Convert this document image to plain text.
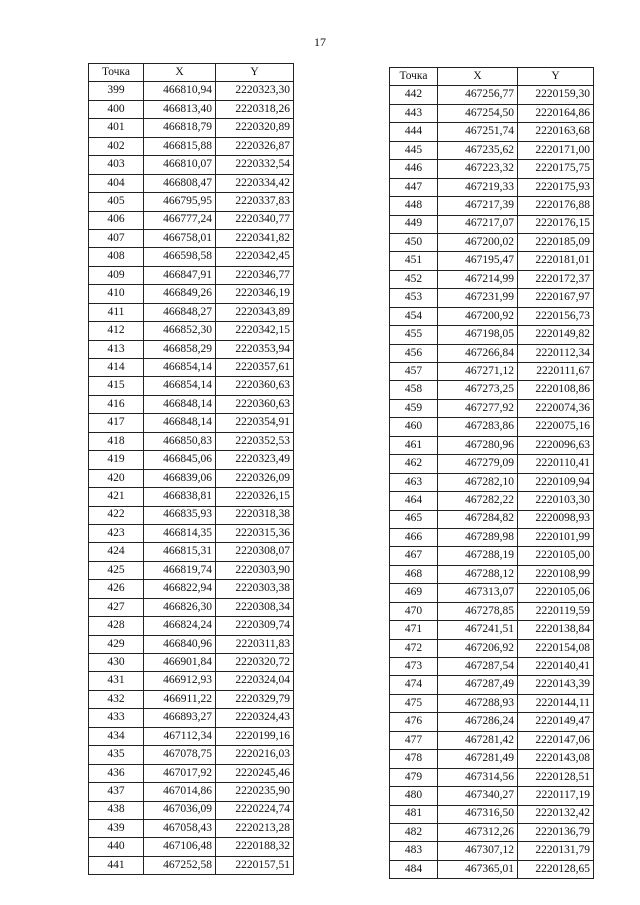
17
Точка	X	Y
399	466810,94	2220323,30
400	466813,40	2220318,26
401	466818,79	2220320,89
402	466815,88	2220326,87
403	466810,07	2220332,54
404	466808,47	2220334,42
405	466795,95	2220337,83
406	466777,24	2220340,77
407	466758,01	2220341,82
408	466598,58	2220342,45
409	466847,91	2220346,77
410	466849,26	2220346,19
411	466848,27	2220343,89
412	466852,30	2220342,15
413	466858,29	2220353,94
414	466854,14	2220357,61
415	466854,14	2220360,63
416	466848,14	2220360,63
417	466848,14	2220354,91
418	466850,83	2220352,53
419	466845,06	2220323,49
420	466839,06	2220326,09
421	466838,81	2220326,15
422	466835,93	2220318,38
423	466814,35	2220315,36
424	466815,31	2220308,07
425	466819,74	2220303,90
426	466822,94	2220303,38
427	466826,30	2220308,34
428	466824,24	2220309,74
429	466840,96	2220311,83
430	466901,84	2220320,72
431	466912,93	2220324,04
432	466911,22	2220329,79
433	466893,27	2220324,43
434	467112,34	2220199,16
435	467078,75	2220216,03
436	467017,92	2220245,46
437	467014,86	2220235,90
438	467036,09	2220224,74
439	467058,43	2220213,28
440	467106,48	2220188,32
441	467252,58	2220157,51
Точка	X	Y
442	467256,77	2220159,30
443	467254,50	2220164,86
444	467251,74	2220163,68
445	467235,62	2220171,00
446	467223,32	2220175,75
447	467219,33	2220175,93
448	467217,39	2220176,88
449	467217,07	2220176,15
450	467200,02	2220185,09
451	467195,47	2220181,01
452	467214,99	2220172,37
453	467231,99	2220167,97
454	467200,92	2220156,73
455	467198,05	2220149,82
456	467266,84	2220112,34
457	467271,12	2220111,67
458	467273,25	2220108,86
459	467277,92	2220074,36
460	467283,86	2220075,16
461	467280,96	2220096,63
462	467279,09	2220110,41
463	467282,10	2220109,94
464	467282,22	2220103,30
465	467284,82	2220098,93
466	467289,98	2220101,99
467	467288,19	2220105,00
468	467288,12	2220108,99
469	467313,07	2220105,06
470	467278,85	2220119,59
471	467241,51	2220138,84
472	467206,92	2220154,08
473	467287,54	2220140,41
474	467287,49	2220143,39
475	467288,93	2220144,11
476	467286,24	2220149,47
477	467281,42	2220147,06
478	467281,49	2220143,08
479	467314,56	2220128,51
480	467340,27	2220117,19
481	467316,50	2220132,42
482	467312,26	2220136,79
483	467307,12	2220131,79
484	467365,01	2220128,65
